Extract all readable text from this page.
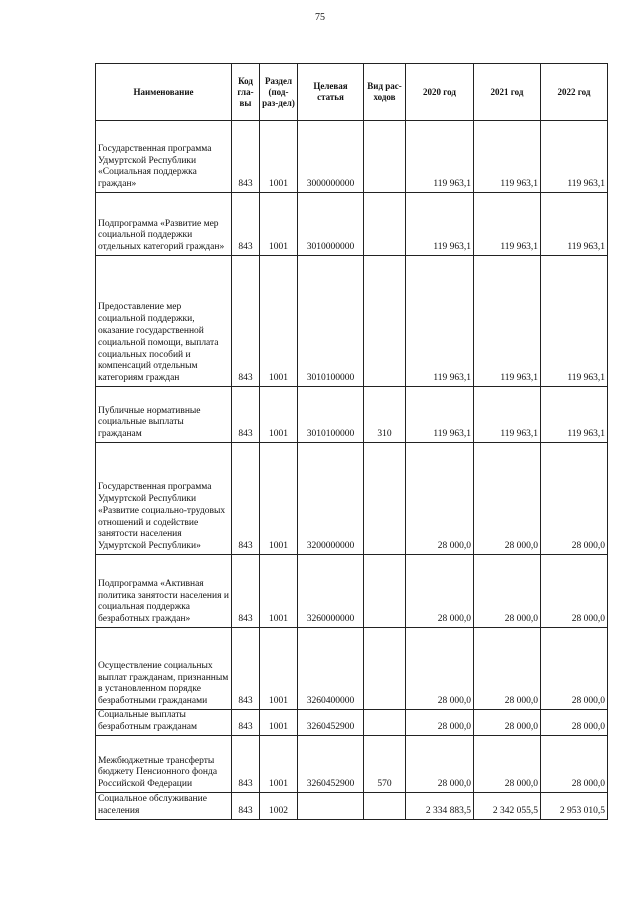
75
Наименование	Код гла-вы	Раздел (под-раз-дел)	Целевая статья	Вид рас-ходов	2020 год	2021 год	2022 год
Государственная программа Удмуртской Республики «Социальная поддержка граждан»	843	1001	3000000000		119 963,1	119 963,1	119 963,1
Подпрограмма «Развитие мер социальной поддержки отдельных категорий граждан»	843	1001	3010000000		119 963,1	119 963,1	119 963,1
Предоставление мер социальной поддержки, оказание государственной социальной помощи, выплата социальных пособий и компенсаций отдельным категориям граждан	843	1001	3010100000		119 963,1	119 963,1	119 963,1
Публичные нормативные социальные выплаты гражданам	843	1001	3010100000	310	119 963,1	119 963,1	119 963,1
Государственная программа Удмуртской Республики «Развитие социально-трудовых отношений и содействие занятости населения Удмуртской Республики»	843	1001	3200000000		28 000,0	28 000,0	28 000,0
Подпрограмма «Активная политика занятости населения и социальная поддержка безработных граждан»	843	1001	3260000000		28 000,0	28 000,0	28 000,0
Осуществление социальных выплат гражданам, признанным в установленном порядке безработными гражданами	843	1001	3260400000		28 000,0	28 000,0	28 000,0
Социальные выплаты безработным гражданам	843	1001	3260452900		28 000,0	28 000,0	28 000,0
Межбюджетные трансферты бюджету Пенсионного фонда Российской Федерации	843	1001	3260452900	570	28 000,0	28 000,0	28 000,0
Социальное обслуживание населения	843	1002			2 334 883,5	2 342 055,5	2 953 010,5
